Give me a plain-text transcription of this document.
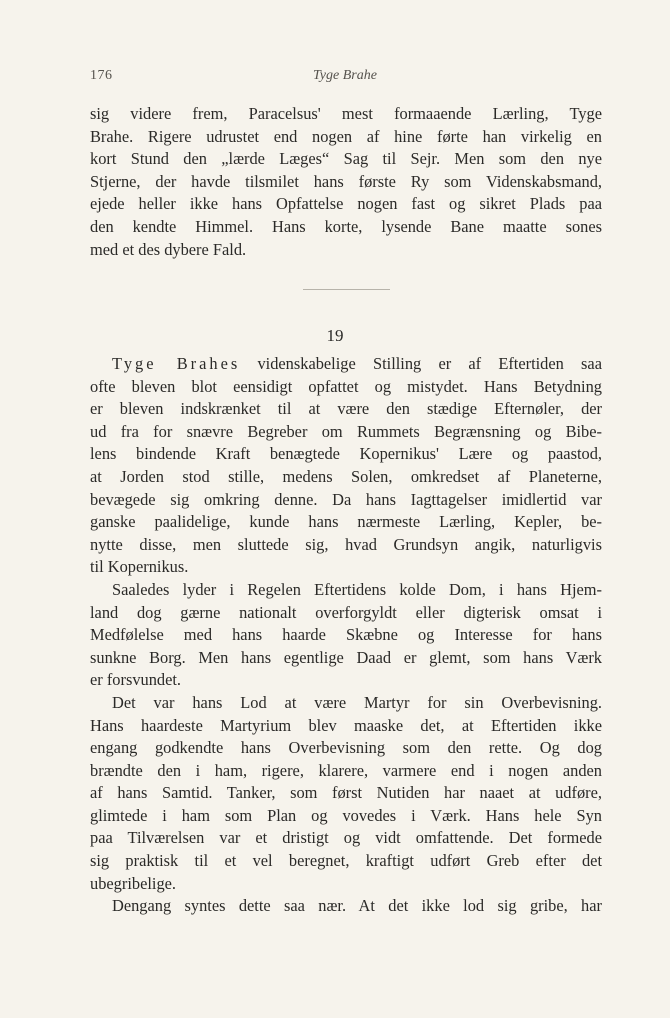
176	Tyge Brahe
sig videre frem, Paracelsus' mest formaaende Lærling, Tyge
Brahe. Rigere udrustet end nogen af hine førte han virkelig en
kort Stund den „lærde Læges“ Sag til Sejr. Men som den nye
Stjerne, der havde tilsmilet hans første Ry som Videnskabsmand,
ejede heller ikke hans Opfattelse nogen fast og sikret Plads paa
den kendte Himmel. Hans korte, lysende Bane maatte sones
med et des dybere Fald.
19
Tyge Brahes videnskabelige Stilling er af Eftertiden saa
ofte bleven blot eensidigt opfattet og mistydet. Hans Betydning
er bleven indskrænket til at være den stædige Efternøler, der
ud fra for snævre Begreber om Rummets Begrænsning og Bibe-
lens bindende Kraft benægtede Kopernikus' Lære og paastod,
at Jorden stod stille, medens Solen, omkredset af Planeterne,
bevægede sig omkring denne. Da hans Iagttagelser imidlertid var
ganske paalidelige, kunde hans nærmeste Lærling, Kepler, be-
nytte disse, men sluttede sig, hvad Grundsyn angik, naturligvis
til Kopernikus.
Saaledes lyder i Regelen Eftertidens kolde Dom, i hans Hjem-
land dog gærne nationalt overforgyldt eller digterisk omsat i
Medfølelse med hans haarde Skæbne og Interesse for hans
sunkne Borg. Men hans egentlige Daad er glemt, som hans Værk
er forsvundet.
Det var hans Lod at være Martyr for sin Overbevisning.
Hans haardeste Martyrium blev maaske det, at Eftertiden ikke
engang godkendte hans Overbevisning som den rette. Og dog
brændte den i ham, rigere, klarere, varmere end i nogen anden
af hans Samtid. Tanker, som først Nutiden har naaet at udføre,
glimtede i ham som Plan og vovedes i Værk. Hans hele Syn
paa Tilværelsen var et dristigt og vidt omfattende. Det formede
sig praktisk til et vel beregnet, kraftigt udført Greb efter det
ubegribelige.
Dengang syntes dette saa nær. At det ikke lod sig gribe, har
